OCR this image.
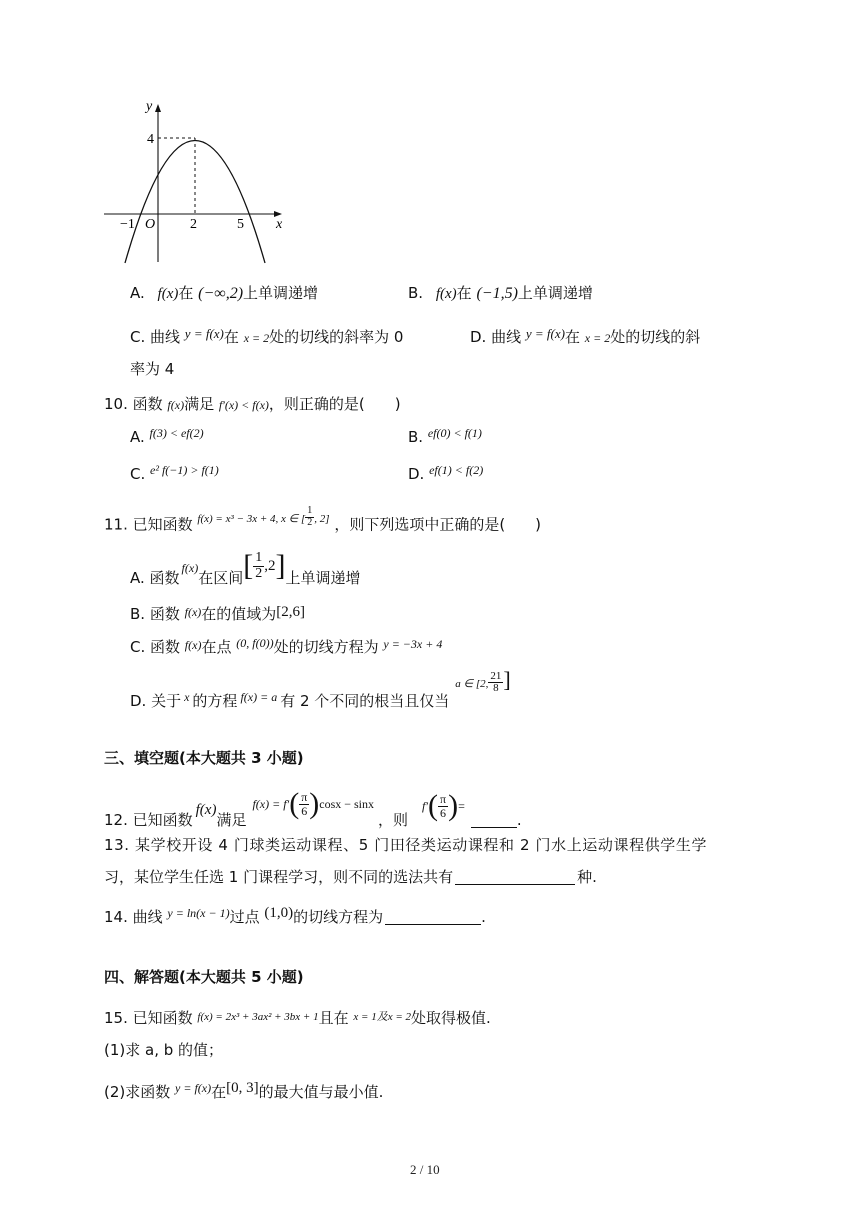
y
x
4
−1 O 2	5
A. f(x)在 (−∞,2)上单调递增	B. f(x)在 (−1,5)上单调递增
C. 曲线 y = f(x)在 x = 2处的切线的斜率为 0	D. 曲线 y = f(x)在 x = 2处的切线的斜
率为 4
10. 函数 f(x)满足 f′(x) < f(x)，则正确的是(  )
A. f(3) < ef(2)	B. ef(0) < f(1)
C. e² f(−1) > f(1)	D. ef(1) < f(2)
11. 已知函数 f(x) = x³ − 3x + 4, x ∈ [ $\frac{1}{2}$ , 2] ，则下列选项中正确的是(  )
A. 函数
f(x)
在区间 [ $\frac{1}{2} ,2$ ] 上单调递增
B. 函数 $^{f(x)}$在的值域为[2,6]
C. 函数 $^{f(x)}$在点 $^{(0, f(0))}$处的切线方程为 $^{y = -3x + 4}$
D. 关于 x 的方程 f(x) = a 有 2 个不同的根当且仅当
a ∈ [2, $\frac{21}{8}$ ]
三、填空题(本大题共 3 小题)
12. 已知函数
f(x)
满足
f(x) = f′ ( $\frac{\pi}{6}$ ) cosx − sinx
，则
f′ ( $\frac{\pi}{6}$ ) =
.
13. 某学校开设 4 门球类运动课程、5 门田径类运动课程和 2 门水上运动课程供学生学
习，某位学生任选 1 门课程学习，则不同的选法共有	种.
14. 曲线 $^{y = ln(x - 1)}$过点 (1,0)的切线方程为	.
四、解答题(本大题共 5 小题)
15. 已知函数 $^{f(x) = 2x^3 + 3ax^2 + 3bx + 1}$且在 $^{x = 1及x = 2}$处取得极值.
(1)求 a, b 的值；
(2)求函数 $^{y = f(x)}$在[0, 3]的最大值与最小值.
2 / 10
